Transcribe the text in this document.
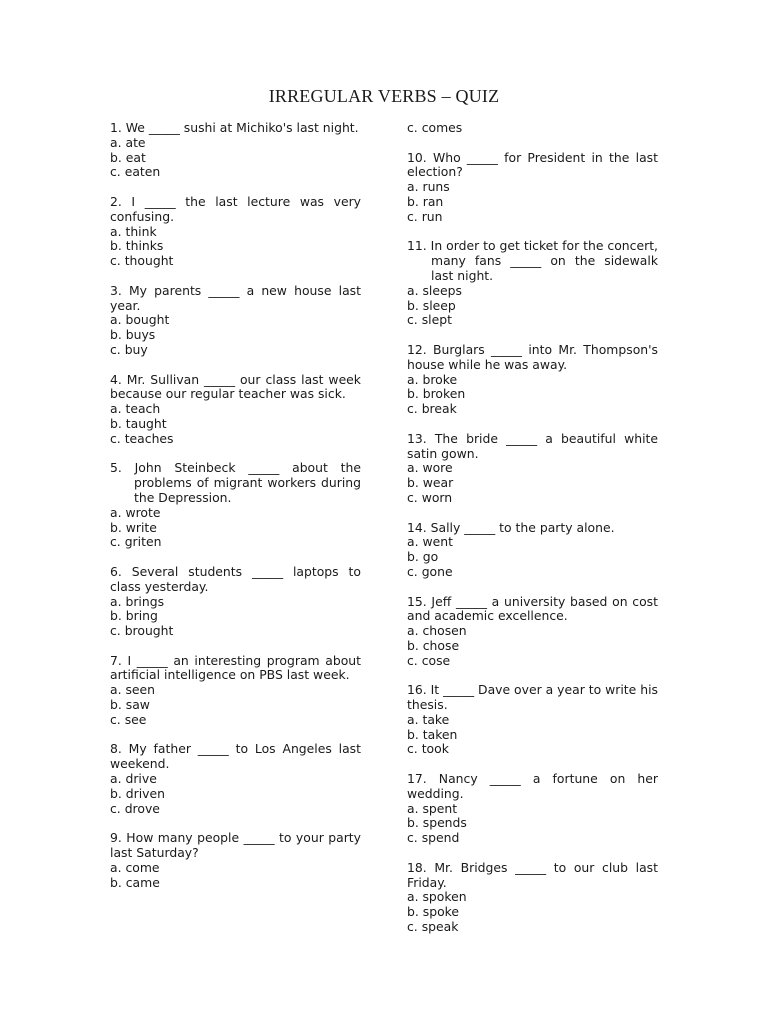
IRREGULAR VERBS – QUIZ

1. We _____ sushi at Michiko's last night.

a. ate

b. eat

c. eaten

2. I _____ the last lecture was very confusing.

a. think

b. thinks

c. thought

3. My parents _____ a new house last year.

a. bought

b. buys

c. buy

4. Mr. Sullivan _____ our class last week because our regular teacher was sick.

a. teach

b. taught

c. teaches

5. John Steinbeck _____ about the problems of migrant workers during the Depression.

a. wrote

b. write

c. griten

6. Several students _____ laptops to class yesterday.

a. brings

b. bring

c. brought

7. I _____ an interesting program about artificial intelligence on PBS last week.

a. seen

b. saw

c. see

8. My father _____ to Los Angeles last weekend.

a. drive

b. driven

c. drove

9. How many people _____ to your party last Saturday?

a. come

b. came

c. comes

10. Who _____ for President in the last election?

a. runs

b. ran

c. run

11. In order to get ticket for the concert, many fans _____ on the sidewalk last night.

a. sleeps

b. sleep

c. slept

12. Burglars _____ into Mr. Thompson's house while he was away.

a. broke

b. broken

c. break

13. The bride _____ a beautiful white satin gown.

a. wore

b. wear

c. worn

14. Sally _____ to the party alone.

a. went

b. go

c. gone

15. Jeff _____ a university based on cost and academic excellence.

a. chosen

b. chose

c. cose

16. It _____ Dave over a year to write his thesis.

a. take

b. taken

c. took

17. Nancy _____ a fortune on her wedding.

a. spent

b. spends

c. spend

18. Mr. Bridges _____ to our club last Friday.

a. spoken

b. spoke

c. speak
